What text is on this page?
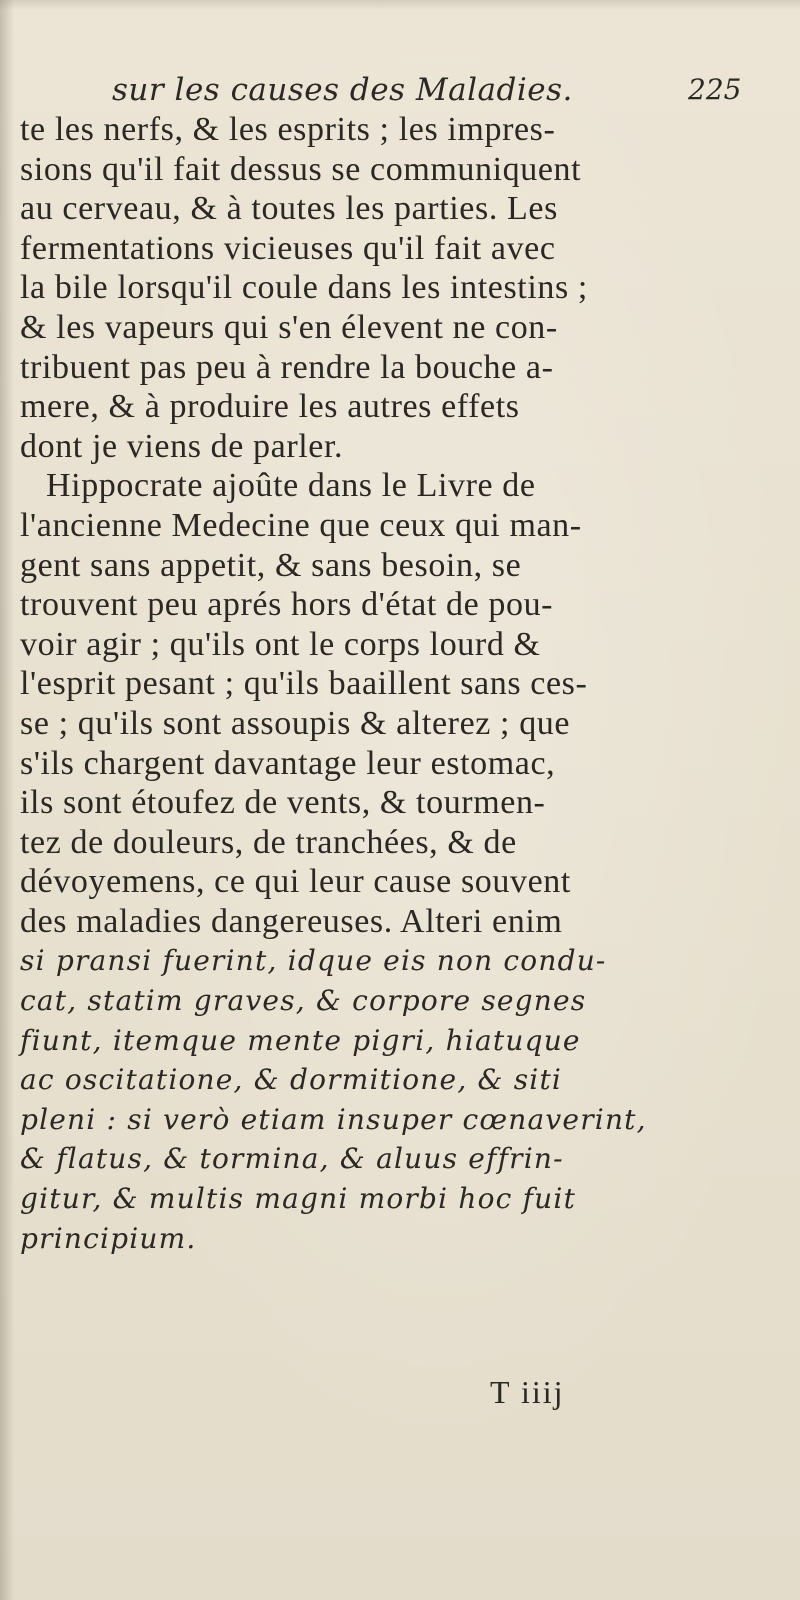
sur les causes des Maladies.	225
te les nerfs, & les esprits ; les impres-
sions qu'il fait dessus se communiquent
au cerveau, & à toutes les parties. Les
fermentations vicieuses qu'il fait avec
la bile lorsqu'il coule dans les intestins ;
& les vapeurs qui s'en élevent ne con-
tribuent pas peu à rendre la bouche a-
mere, & à produire les autres effets
dont je viens de parler.
Hippocrate ajoûte dans le Livre de
l'ancienne Medecine que ceux qui man-
gent sans appetit, & sans besoin, se
trouvent peu aprés hors d'état de pou-
voir agir ; qu'ils ont le corps lourd &
l'esprit pesant ; qu'ils baaillent sans ces-
se ; qu'ils sont assoupis & alterez ; que
s'ils chargent davantage leur estomac,
ils sont étoufez de vents, & tourmen-
tez de douleurs, de tranchées, & de
dévoyemens, ce qui leur cause souvent
des maladies dangereuses. Alteri enim
si pransi fuerint, idque eis non condu-
cat, statim graves, & corpore segnes
fiunt, itemque mente pigri, hiatuque
ac oscitatione, & dormitione, & siti
pleni : si verò etiam insuper cœnaverint,
& flatus, & tormina, & aluus effrin-
gitur, & multis magni morbi hoc fuit
principium.
T iiij
